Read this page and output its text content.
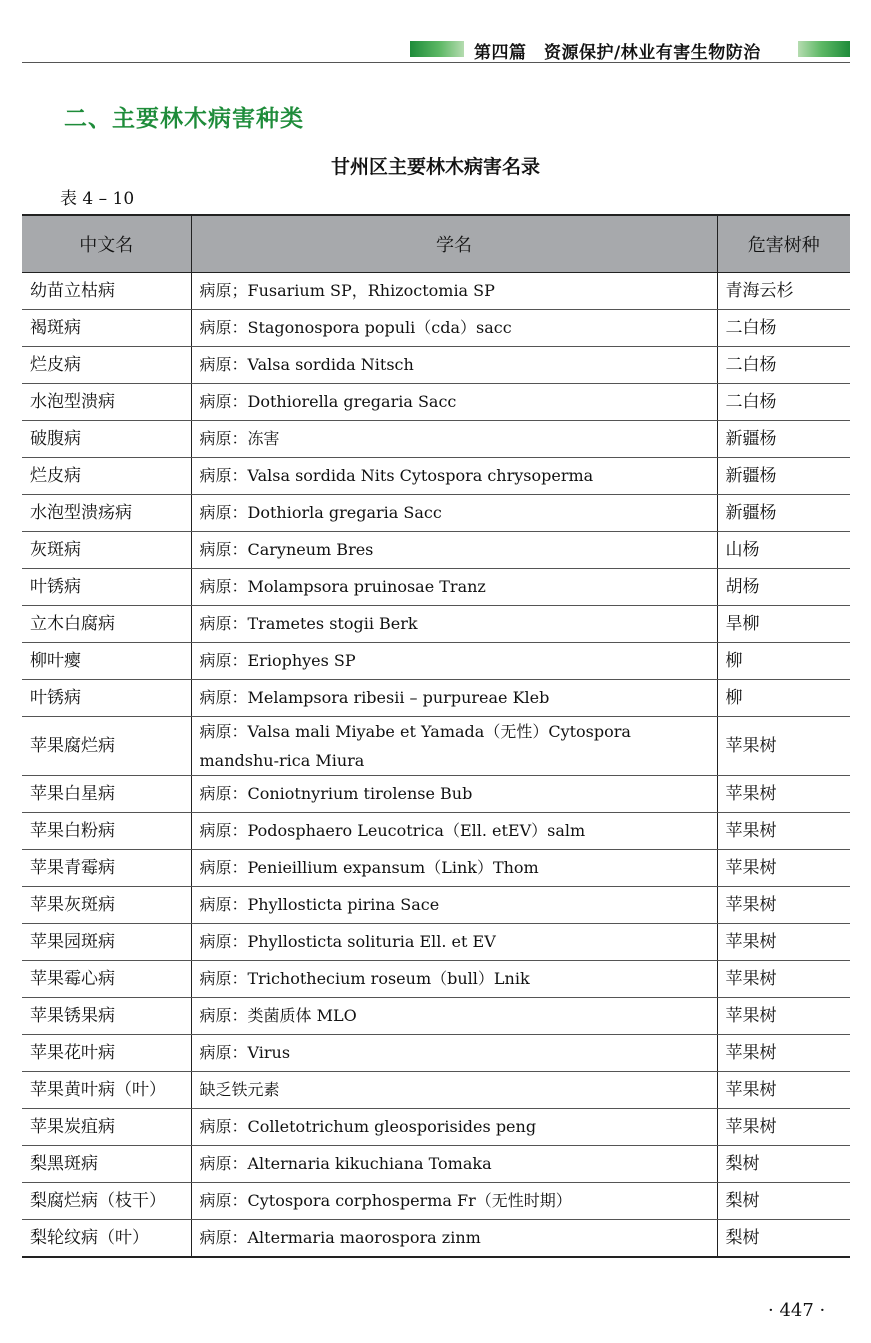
第四篇　资源保护/林业有害生物防治
二、主要林木病害种类
甘州区主要林木病害名录
表 4 – 10
中文名	学名	危害树种
幼苗立枯病	病原；Fusarium SP，Rhizoctomia SP	青海云杉
褐斑病	病原：Stagonospora populi（cda）sacc	二白杨
烂皮病	病原：Valsa sordida Nitsch	二白杨
水泡型溃病	病原：Dothiorella gregaria Sacc	二白杨
破腹病	病原：冻害	新疆杨
烂皮病	病原：Valsa sordida Nits Cytospora chrysoperma	新疆杨
水泡型溃疡病	病原：Dothiorla gregaria Sacc	新疆杨
灰斑病	病原：Caryneum Bres	山杨
叶锈病	病原：Molampsora pruinosae Tranz	胡杨
立木白腐病	病原：Trametes stogii Berk	旱柳
柳叶瘿	病原：Eriophyes SP	柳
叶锈病	病原：Melampsora ribesii – purpureae Kleb	柳
苹果腐烂病	病原：Valsa mali Miyabe et Yamada（无性）Cytospora mandshu-rica Miura	苹果树
苹果白星病	病原：Coniotnyrium tirolense Bub	苹果树
苹果白粉病	病原：Podosphaero Leucotrica（Ell. etEV）salm	苹果树
苹果青霉病	病原：Penieillium expansum（Link）Thom	苹果树
苹果灰斑病	病原：Phyllosticta pirina Sace	苹果树
苹果园斑病	病原：Phyllosticta solituria Ell. et EV	苹果树
苹果霉心病	病原：Trichothecium roseum（bull）Lnik	苹果树
苹果锈果病	病原：类菌质体 MLO	苹果树
苹果花叶病	病原：Virus	苹果树
苹果黄叶病（叶）	缺乏铁元素	苹果树
苹果炭疽病	病原：Colletotrichum gleosporisides peng	苹果树
梨黑斑病	病原：Alternaria kikuchiana Tomaka	梨树
梨腐烂病（枝干）	病原：Cytospora corphosperma Fr（无性时期）	梨树
梨轮纹病（叶）	病原：Altermaria maorospora zinm	梨树
· 447 ·
